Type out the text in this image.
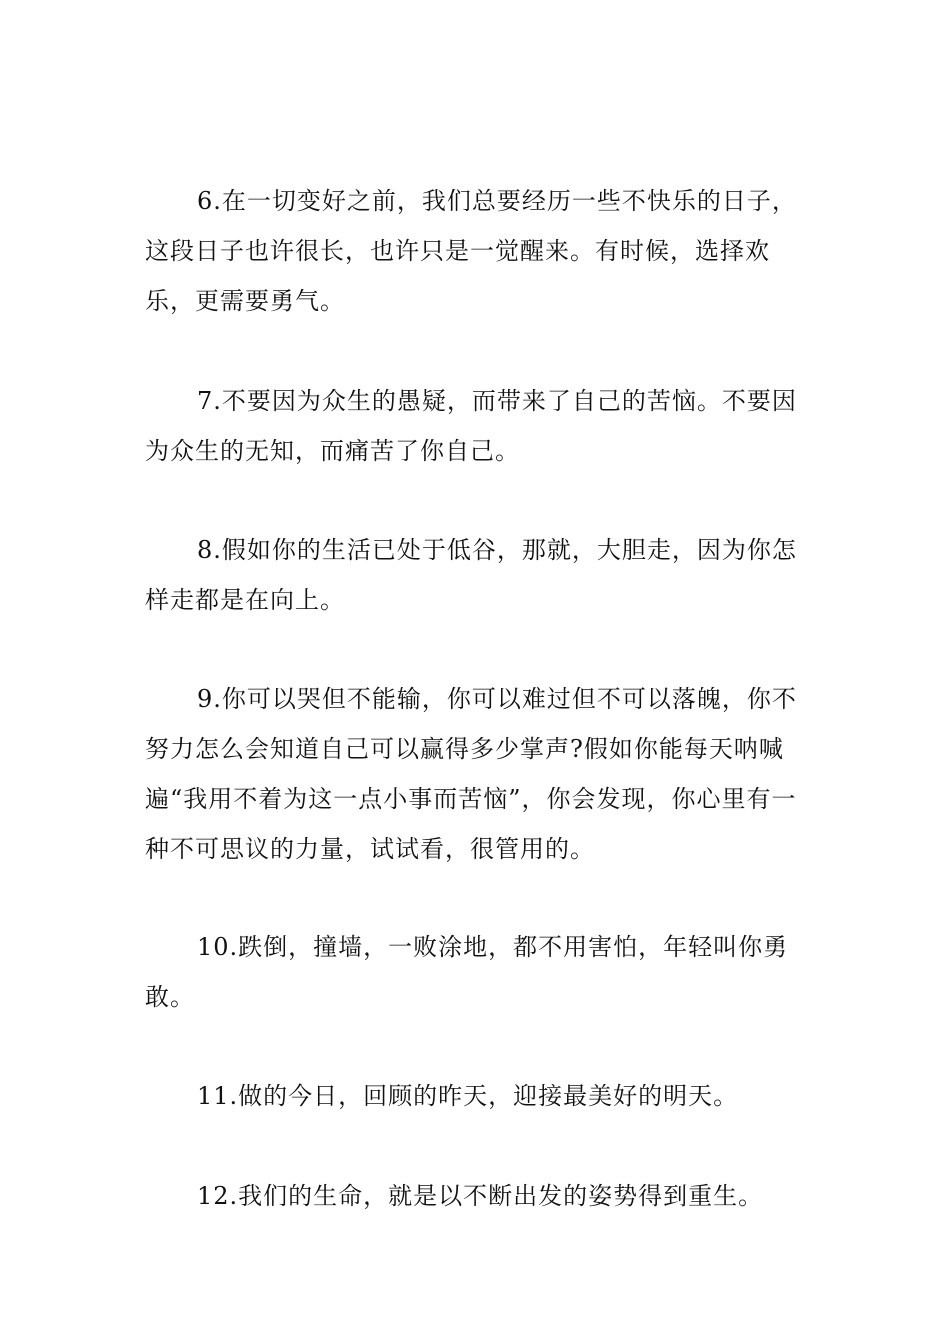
6.在一切变好之前，我们总要经历一些不快乐的日子，这段日子也许很长，也许只是一觉醒来。有时候，选择欢乐，更需要勇气。

7.不要因为众生的愚疑，而带来了自己的苦恼。不要因为众生的无知，而痛苦了你自己。

8.假如你的生活已处于低谷，那就，大胆走，因为你怎样走都是在向上。

9.你可以哭但不能输，你可以难过但不可以落魄，你不努力怎么会知道自己可以赢得多少掌声?假如你能每天呐喊遍“我用不着为这一点小事而苦恼”，你会发现，你心里有一种不可思议的力量，试试看，很管用的。

10.跌倒，撞墙，一败涂地，都不用害怕，年轻叫你勇敢。

11.做的今日，回顾的昨天，迎接最美好的明天。

12.我们的生命，就是以不断出发的姿势得到重生。
